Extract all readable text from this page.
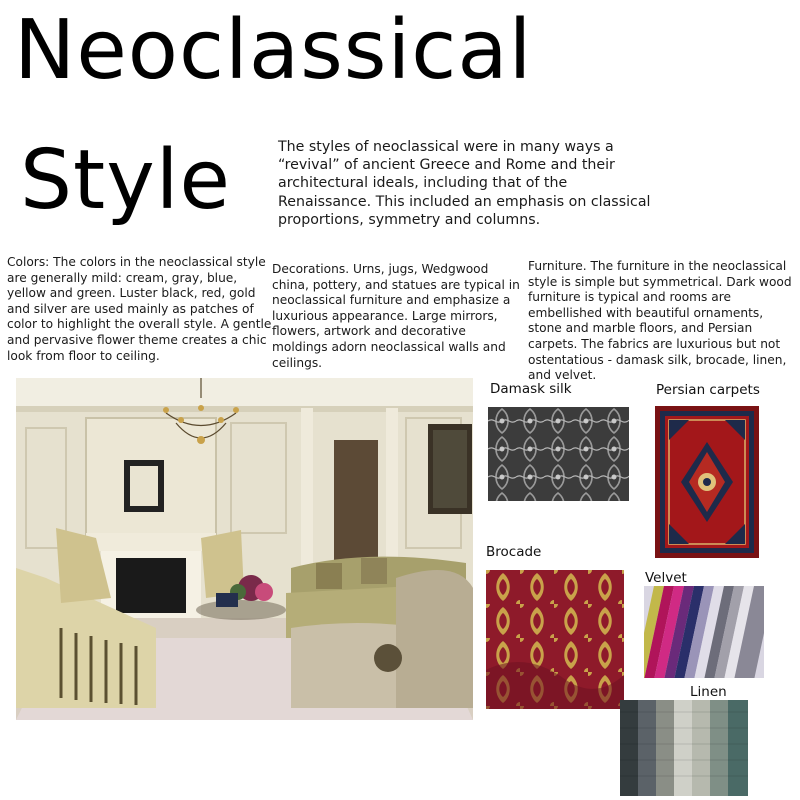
Neoclassical
Style	The styles of neoclassical were in many ways a “revival” of ancient Greece and Rome and their architectural ideals, including that of the Renaissance. This included an emphasis on classical proportions, symmetry and columns.

Colors: The colors in the neoclassical style are generally mild: cream, gray, blue, yellow and green. Luster black, red, gold and silver are used mainly as patches of color to highlight the overall style. A gentle and pervasive flower theme creates a chic look from floor to ceiling.

Decorations. Urns, jugs, Wedgwood china, pottery, and statues are typical in neoclassical furniture and emphasize a luxurious appearance. Large mirrors, flowers, artwork and decorative moldings adorn neoclassical walls and ceilings.

Furniture. The furniture in the neoclassical style is simple but symmetrical. Dark wood furniture is typical and rooms are embellished with beautiful ornaments, stone and marble floors, and Persian carpets. The fabrics are luxurious but not ostentatious - damask silk, brocade, linen, and velvet.

Damask silk	Persian carpets
Brocade
Velvet
Linen
